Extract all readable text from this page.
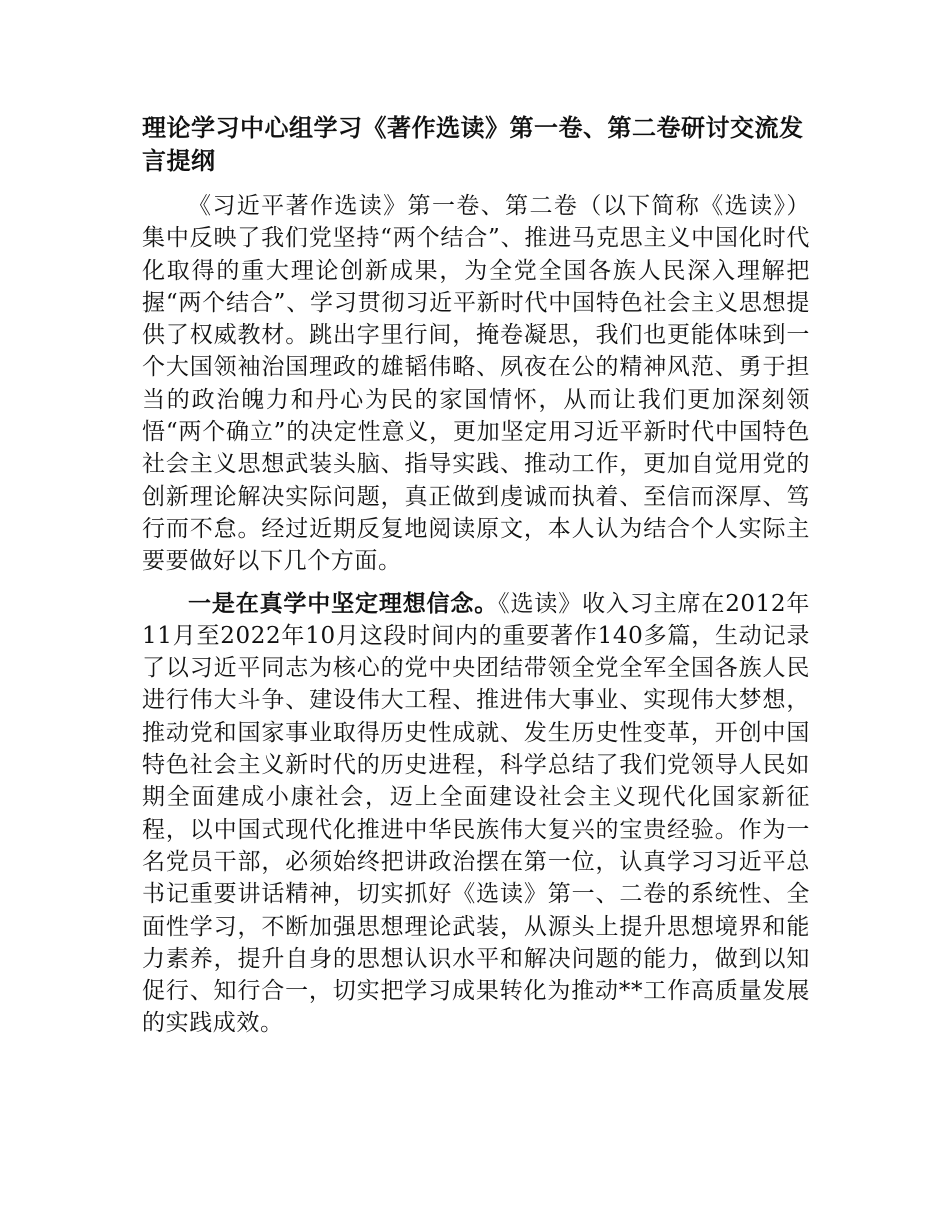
理论学习中心组学习《著作选读》第一卷、第二卷研讨交流发言提纲

《习近平著作选读》第一卷、第二卷（以下简称《选读》）集中反映了我们党坚持“两个结合”、推进马克思主义中国化时代化取得的重大理论创新成果，为全党全国各族人民深入理解把握“两个结合”、学习贯彻习近平新时代中国特色社会主义思想提供了权威教材。跳出字里行间，掩卷凝思，我们也更能体味到一个大国领袖治国理政的雄韬伟略、夙夜在公的精神风范、勇于担当的政治魄力和丹心为民的家国情怀，从而让我们更加深刻领悟“两个确立”的决定性意义，更加坚定用习近平新时代中国特色社会主义思想武装头脑、指导实践、推动工作，更加自觉用党的创新理论解决实际问题，真正做到虔诚而执着、至信而深厚、笃行而不怠。经过近期反复地阅读原文，本人认为结合个人实际主要要做好以下几个方面。

一是在真学中坚定理想信念。《选读》收入习主席在2012年11月至2022年10月这段时间内的重要著作140多篇，生动记录了以习近平同志为核心的党中央团结带领全党全军全国各族人民进行伟大斗争、建设伟大工程、推进伟大事业、实现伟大梦想，推动党和国家事业取得历史性成就、发生历史性变革，开创中国特色社会主义新时代的历史进程，科学总结了我们党领导人民如期全面建成小康社会，迈上全面建设社会主义现代化国家新征程，以中国式现代化推进中华民族伟大复兴的宝贵经验。作为一名党员干部，必须始终把讲政治摆在第一位，认真学习习近平总书记重要讲话精神，切实抓好《选读》第一、二卷的系统性、全面性学习，不断加强思想理论武装，从源头上提升思想境界和能力素养，提升自身的思想认识水平和解决问题的能力，做到以知促行、知行合一，切实把学习成果转化为推动**工作高质量发展的实践成效。
